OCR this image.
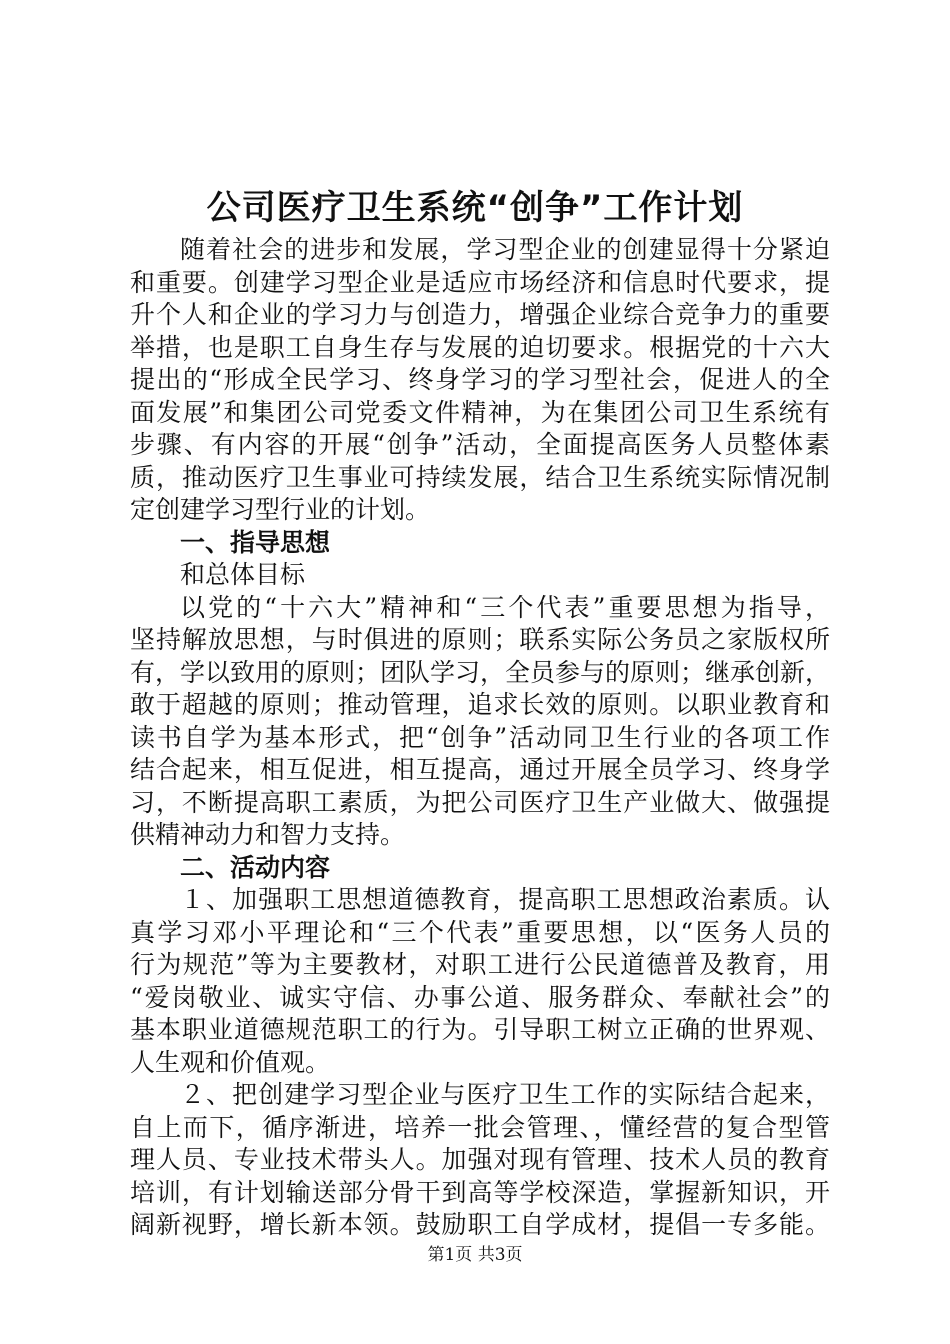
公司医疗卫生系统“创争”工作计划
随着社会的进步和发展，学习型企业的创建显得十分紧迫
和重要。创建学习型企业是适应市场经济和信息时代要求，提
升个人和企业的学习力与创造力，增强企业综合竞争力的重要
举措，也是职工自身生存与发展的迫切要求。根据党的十六大
提出的“形成全民学习、终身学习的学习型社会，促进人的全
面发展”和集团公司党委文件精神，为在集团公司卫生系统有
步骤、有内容的开展“创争”活动，全面提高医务人员整体素
质，推动医疗卫生事业可持续发展，结合卫生系统实际情况制
定创建学习型行业的计划。
一、指导思想
和总体目标
以党的“十六大”精神和“三个代表”重要思想为指导，
坚持解放思想，与时俱进的原则；联系实际公务员之家版权所
有，学以致用的原则；团队学习，全员参与的原则；继承创新，
敢于超越的原则；推动管理，追求长效的原则。以职业教育和
读书自学为基本形式，把“创争”活动同卫生行业的各项工作
结合起来，相互促进，相互提高，通过开展全员学习、终身学
习，不断提高职工素质，为把公司医疗卫生产业做大、做强提
供精神动力和智力支持。
二、活动内容
１、加强职工思想道德教育，提高职工思想政治素质。认
真学习邓小平理论和“三个代表”重要思想，以“医务人员的
行为规范”等为主要教材，对职工进行公民道德普及教育，用
“爱岗敬业、诚实守信、办事公道、服务群众、奉献社会”的
基本职业道德规范职工的行为。引导职工树立正确的世界观、
人生观和价值观。
２、把创建学习型企业与医疗卫生工作的实际结合起来，
自上而下，循序渐进，培养一批会管理、，懂经营的复合型管
理人员、专业技术带头人。加强对现有管理、技术人员的教育
培训，有计划输送部分骨干到高等学校深造，掌握新知识，开
阔新视野，增长新本领。鼓励职工自学成材，提倡一专多能。
第1页 共3页
